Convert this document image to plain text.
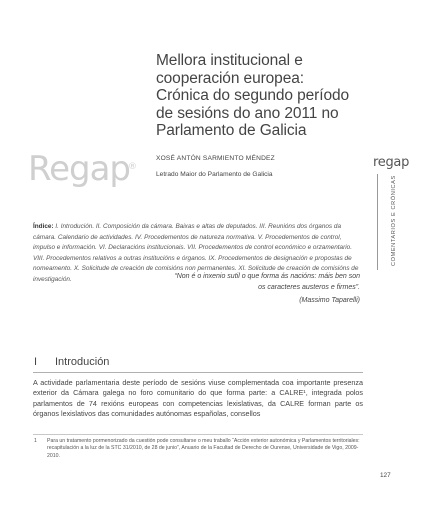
Mellora institucional e
cooperación europea:
Crónica do segundo período
de sesións do ano 2011 no
Parlamento de Galicia
Regap®
XOSÉ ANTÓN SARMIENTO MÉNDEZ
Letrado Maior do Parlamento de Galicia
regap
COMENTARIOS E CRÓNICAS
Índice: I. Introdución. II. Composición da cámara. Baixas e altas de deputados. III. Reunións dos órganos da cámara. Calendario de actividades. IV. Procedementos de natureza normativa. V. Procedementos de control, impulso e información. VI. Declaracións institucionais. VII. Procedementos de control económico e orzamentario. VIII. Procedementos relativos a outras institucións e órganos. IX. Procedementos de designación e propostas de nomeamento. X. Solicitude de creación de comisións non permanentes. XI. Solicitude de creación de comisións de investigación.	“Non é o inxenio sutil o que forma ás nacións: máis ben son os caracteres austeros e firmes”.
(Massimo Taparelli)
I Introdución
A actividade parlamentaria deste período de sesións viuse complementada coa importante presenza exterior da Cámara galega no foro comunitario do que forma parte: a CALRE¹, integrada polos parlamentos de 74 rexións europeas con competencias lexislativas, da CALRE forman parte os órganos lexislativos das comunidades autónomas españolas, consellos
1 Para un tratamento pormenorizado da cuestión pode consultarse o meu traballo “Acción exterior autonómica y Parlamentos territoriales: recapitulación a la luz de la STC 31/2010, de 28 de junio”, Anuario de la Facultad de Derecho de Ourense, Universidade de Vigo, 2009-2010.
127
